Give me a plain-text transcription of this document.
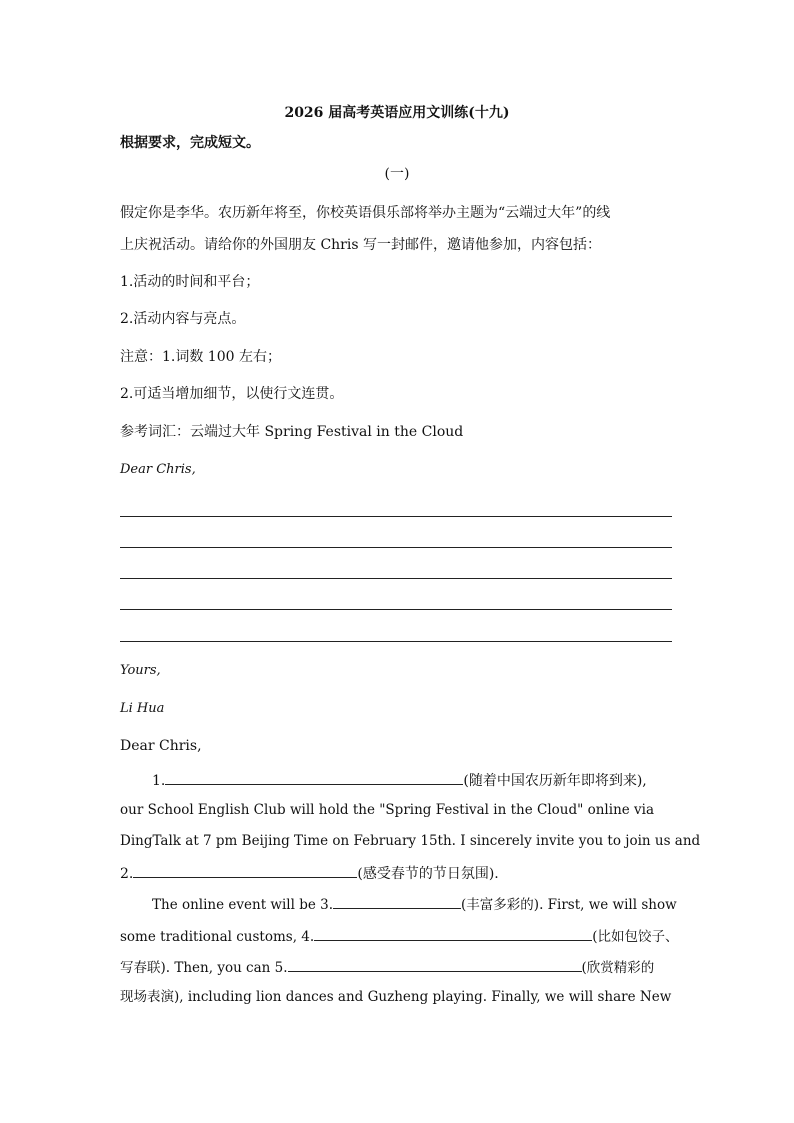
2026 届高考英语应用文训练(十九)
根据要求，完成短文。
(一)
假定你是李华。农历新年将至，你校英语俱乐部将举办主题为“云端过大年”的线
上庆祝活动。请给你的外国朋友 Chris 写一封邮件，邀请他参加，内容包括：
1.活动的时间和平台；
2.活动内容与亮点。
注意：1.词数 100 左右；
2.可适当增加细节，以使行文连贯。
参考词汇：云端过大年 Spring Festival in the Cloud
Dear Chris,
Yours,
Li Hua
Dear Chris,
1.	(随着中国农历新年即将到来),
our School English Club will hold the "Spring Festival in the Cloud" online via
DingTalk at 7 pm Beijing Time on February 15th. I sincerely invite you to join us and
2.	(感受春节的节日氛围).
The online event will be 3.	(丰富多彩的). First, we will show
some traditional customs, 4.	(比如包饺子、
写春联). Then, you can 5.	(欣赏精彩的
现场表演), including lion dances and Guzheng playing. Finally, we will share New
